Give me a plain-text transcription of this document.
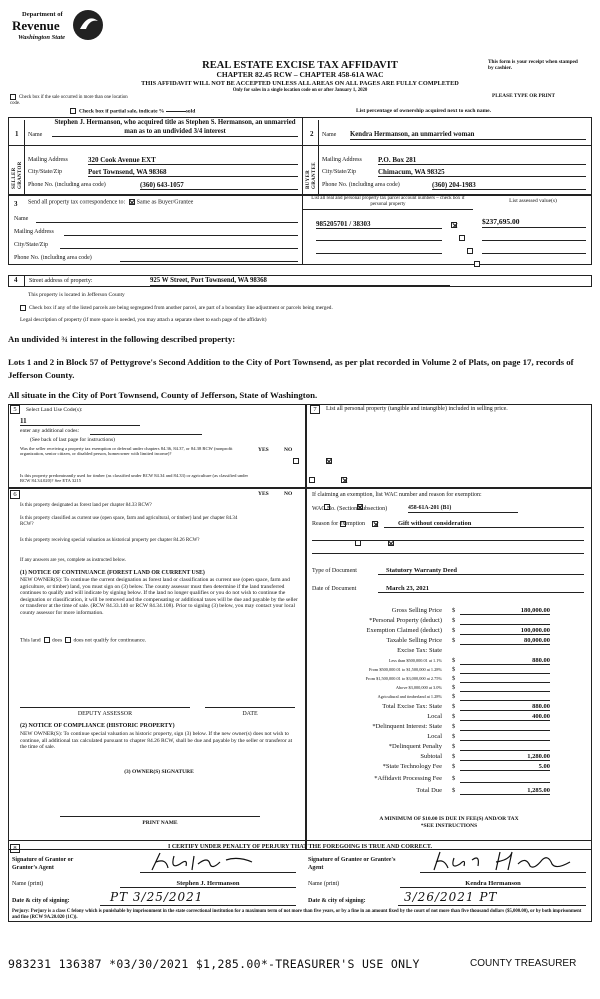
Department of
Revenue
Washington State
REAL ESTATE EXCISE TAX AFFIDAVIT
CHAPTER 82.45 RCW – CHAPTER 458-61A WAC
THIS AFFIDAVIT WILL NOT BE ACCEPTED UNLESS ALL AREAS ON ALL PAGES ARE FULLY COMPLETED
Only for sales in a single location code on or after January 1, 2020
This form is your receipt when stamped by cashier.
PLEASE TYPE OR PRINT
Check box if the sale occurred in more than one location code.
Check box if partial sale, indicate %	sold	List percentage of ownership acquired next to each name.
1
SELLER GRANTOR
Name
Stephen J. Hermanson, who acquired title as Stephen S. Hermanson, an unmarried man as to an undivided 3/4 interest
Mailing Address	320 Cook Avenue EXT
City/State/Zip	Port Townsend, WA 98368
Phone No. (including area code)	(360) 643-1057
2
BUYER GRANTEE
Name Kendra Hermanson, an unmarried woman
Mailing Address P.O. Box 281
City/State/Zip	Chimacum, WA 98325
Phone No. (including area code)	(360) 204-1983
3 Send all property tax correspondence to: Same as Buyer/Grantee
Name
Mailing Address
City/State/Zip
Phone No. (including area code)
List all real and personal property tax parcel account numbers – check box if personal property
List assessed value(s)
985205701 / 38303
	$237,695.00

4 Street address of property:	925 W Street, Port Townsend, WA 98368
This property is located in Jefferson County
Check box if any of the listed parcels are being segregated from another parcel, are part of a boundary line adjustment or parcels being merged.
Legal description of property (if more space is needed, you may attach a separate sheet to each page of the affidavit)
An undivided ¾ interest in the following described property:
Lots 1 and 2 in Block 57 of Pettygrove's Second Addition to the City of Port Townsend, as per plat recorded in Volume 2 of Plats, on page 17, records of Jefferson County.
All situate in the City of Port Townsend, County of Jefferson, State of Washington.
5	Select Land Use Code(s):
11
enter any additional codes:
(See back of last page for instructions)
YES	NO
Was the seller receiving a property tax exemption or deferral under chapters 84.36, 84.37, or 84.38 RCW (nonprofit organization, senior citizen, or disabled person, homeowner with limited income)?

Is this property predominantly used for timber (as classified under RCW 84.34 and 84.33) or agriculture (as classified under RCW 84.34.020)? See ETA 3215

6	YES	NO
Is this property designated as forest land per chapter 84.33 RCW?

Is this property classified as current use (open space, farm and agricultural, or timber) land per chapter 84.34 RCW?

Is this property receiving special valuation as historical property per chapter 84.26 RCW?

If any answers are yes, complete as instructed below.
(1) NOTICE OF CONTINUANCE (FOREST LAND OR CURRENT USE)
NEW OWNER(S): To continue the current designation as forest land or classification as current use (open space, farm and agriculture, or timber) land, you must sign on (3) below. The county assessor must then determine if the land transferred continues to qualify and will indicate by signing below. If the land no longer qualifies or you do not wish to continue the designation or classification, it will be removed and the compensating or additional taxes will be due and payable by the seller or transferor at the time of sale. (RCW 84.33.140 or RCW 84.34.108). Prior to signing (3) below, you may contact your local county assessor for more information.
This land does does not qualify for continuance.
DEPUTY ASSESSOR	DATE
(2) NOTICE OF COMPLIANCE (HISTORIC PROPERTY)
NEW OWNER(S): To continue special valuation as historic property, sign (3) below. If the new owner(s) does not wish to continue, all additional tax calculated pursuant to chapter 84.26 RCW, shall be due and payable by the seller or transferor at the time of sale.
(3) OWNER(S) SIGNATURE
PRINT NAME
7	List all personal property (tangible and intangible) included in selling price.
If claiming an exemption, list WAC number and reason for exemption:
WAC No. (Section/Subsection)	458-61A-201 (B1)
Reason for exemption	Gift without consideration
Type of Document	Statutory Warranty Deed
Date of Document	March 23, 2021
Gross Selling Price $	180,000.00
*Personal Property (deduct) $
Exemption Claimed (deduct) $	100,000.00
Taxable Selling Price $	80,000.00
Excise Tax: State
Less than $500,000.01 at 1.1% $	880.00
From $500,000.01 to $1,500,000 at 1.28% $
From $1,500,000.01 to $3,000,000 at 2.75% $
Above $3,000,000 at 3.0% $
Agricultural and timberland at 1.28% $
Total Excise Tax: State $	880.00
Local $	400.00
*Delinquent Interest: State $
Local $
*Delinquent Penalty $
Subtotal $	1,280.00
*State Technology Fee $	5.00
*Affidavit Processing Fee $
Total Due $	1,285.00
A MINIMUM OF $10.00 IS DUE IN FEE(S) AND/OR TAX
*SEE INSTRUCTIONS
8	I CERTIFY UNDER PENALTY OF PERJURY THAT THE FOREGOING IS TRUE AND CORRECT.
Signature of Grantor or Grantor's Agent
Signature of Grantee or Grantee's Agent
Name (print)	Stephen J. Hermanson	Name (print)	Kendra Hermanson
Date & city of signing:	PT 3/25/2021	Date & city of signing:	3/26/2021 PT
Perjury: Perjury is a class C felony which is punishable by imprisonment in the state correctional institution for a maximum term of not more than five years, or by a fine in an amount fixed by the court of not more than five thousand dollars ($5,000.00), or by both imprisonment and fine (RCW 9A.20.020 (1C)).
983231 136387 *03/30/2021 $1,285.00*-TREASURER'S USE ONLY	COUNTY TREASURER
